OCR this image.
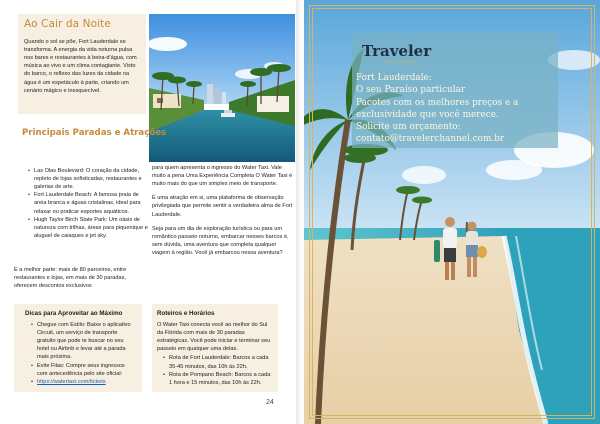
Ao Cair da Noite

Quando o sol se põe, Fort Lauderdale se transforma. A energia da vida noturna pulsa nos bares e restaurantes à beira-d'água, com música ao vivo e um clima contagiante. Visto do barco, o reflexo das luzes da cidade na água é um espetáculo à parte, criando um cenário mágico e inesquecível.

Principais Paradas e Atrações
• Las Olas Boulevard: O coração da cidade, repleto de lojas sofisticadas, restaurantes e galerias de arte.
• Fort Lauderdale Beach: A famosa praia de areia branca e águas cristalinas, ideal para relaxar ou praticar esportes aquáticos.
• Hugh Taylor Birch State Park: Um oásis de natureza com trilhas, áreas para piquenique e aluguel de caiaques e jet sky.

E a melhor parte: mais de 80 parceiros, entre restaurantes e lojas, em mais de 30 paradas, oferecem descontos exclusivos

Dicas para Aproveitar ao Máximo
• Chegue com Estilo: Baixe o aplicativo Circuit, um serviço de transporte gratuito que pode te buscar no seu hotel ou Airbnb e levar até a parada mais próxima.
• Evite Filas: Compre seus ingressos com antecedência pelo site oficial:
• https://watertaxi.com/tickets

para quem apresenta o ingresso do Water Taxi. Vale muito a pena Uma Experiência Completa O Water Taxi é muito mais do que um simples meio de transporte.

É uma atração em si, uma plataforma de observação privilegiada que permite sentir a verdadeira alma de Fort Lauderdale.

Seja para um dia de exploração turística ou para um romântico passeio noturno, embarcar nesses barcos é, sem dúvida, uma aventura que completa qualquer viagem à região. Você já embarcou nessa aventura?

Roteiros e Horários

O Water Taxi conecta você ao melhor do Sul da Flórida com mais de 30 paradas estratégicas. Você pode iniciar e terminar seu passeio em qualquer uma delas.

• Rota de Fort Lauderdale: Barcos a cada 35-45 minutos, das 10h às 22h.
• Rota de Pompano Beach: Barcos a cada 1 hora e 15 minutos, das 10h às 22h.
24
Traveler
TRAVEL CHANNEL
Fort Lauderdale:
O seu Paraíso particular
Pacotes com os melhores preços e a
exclusividade que você merece.
Solicite um orçamento:
contato@travelerchannel.com.br
